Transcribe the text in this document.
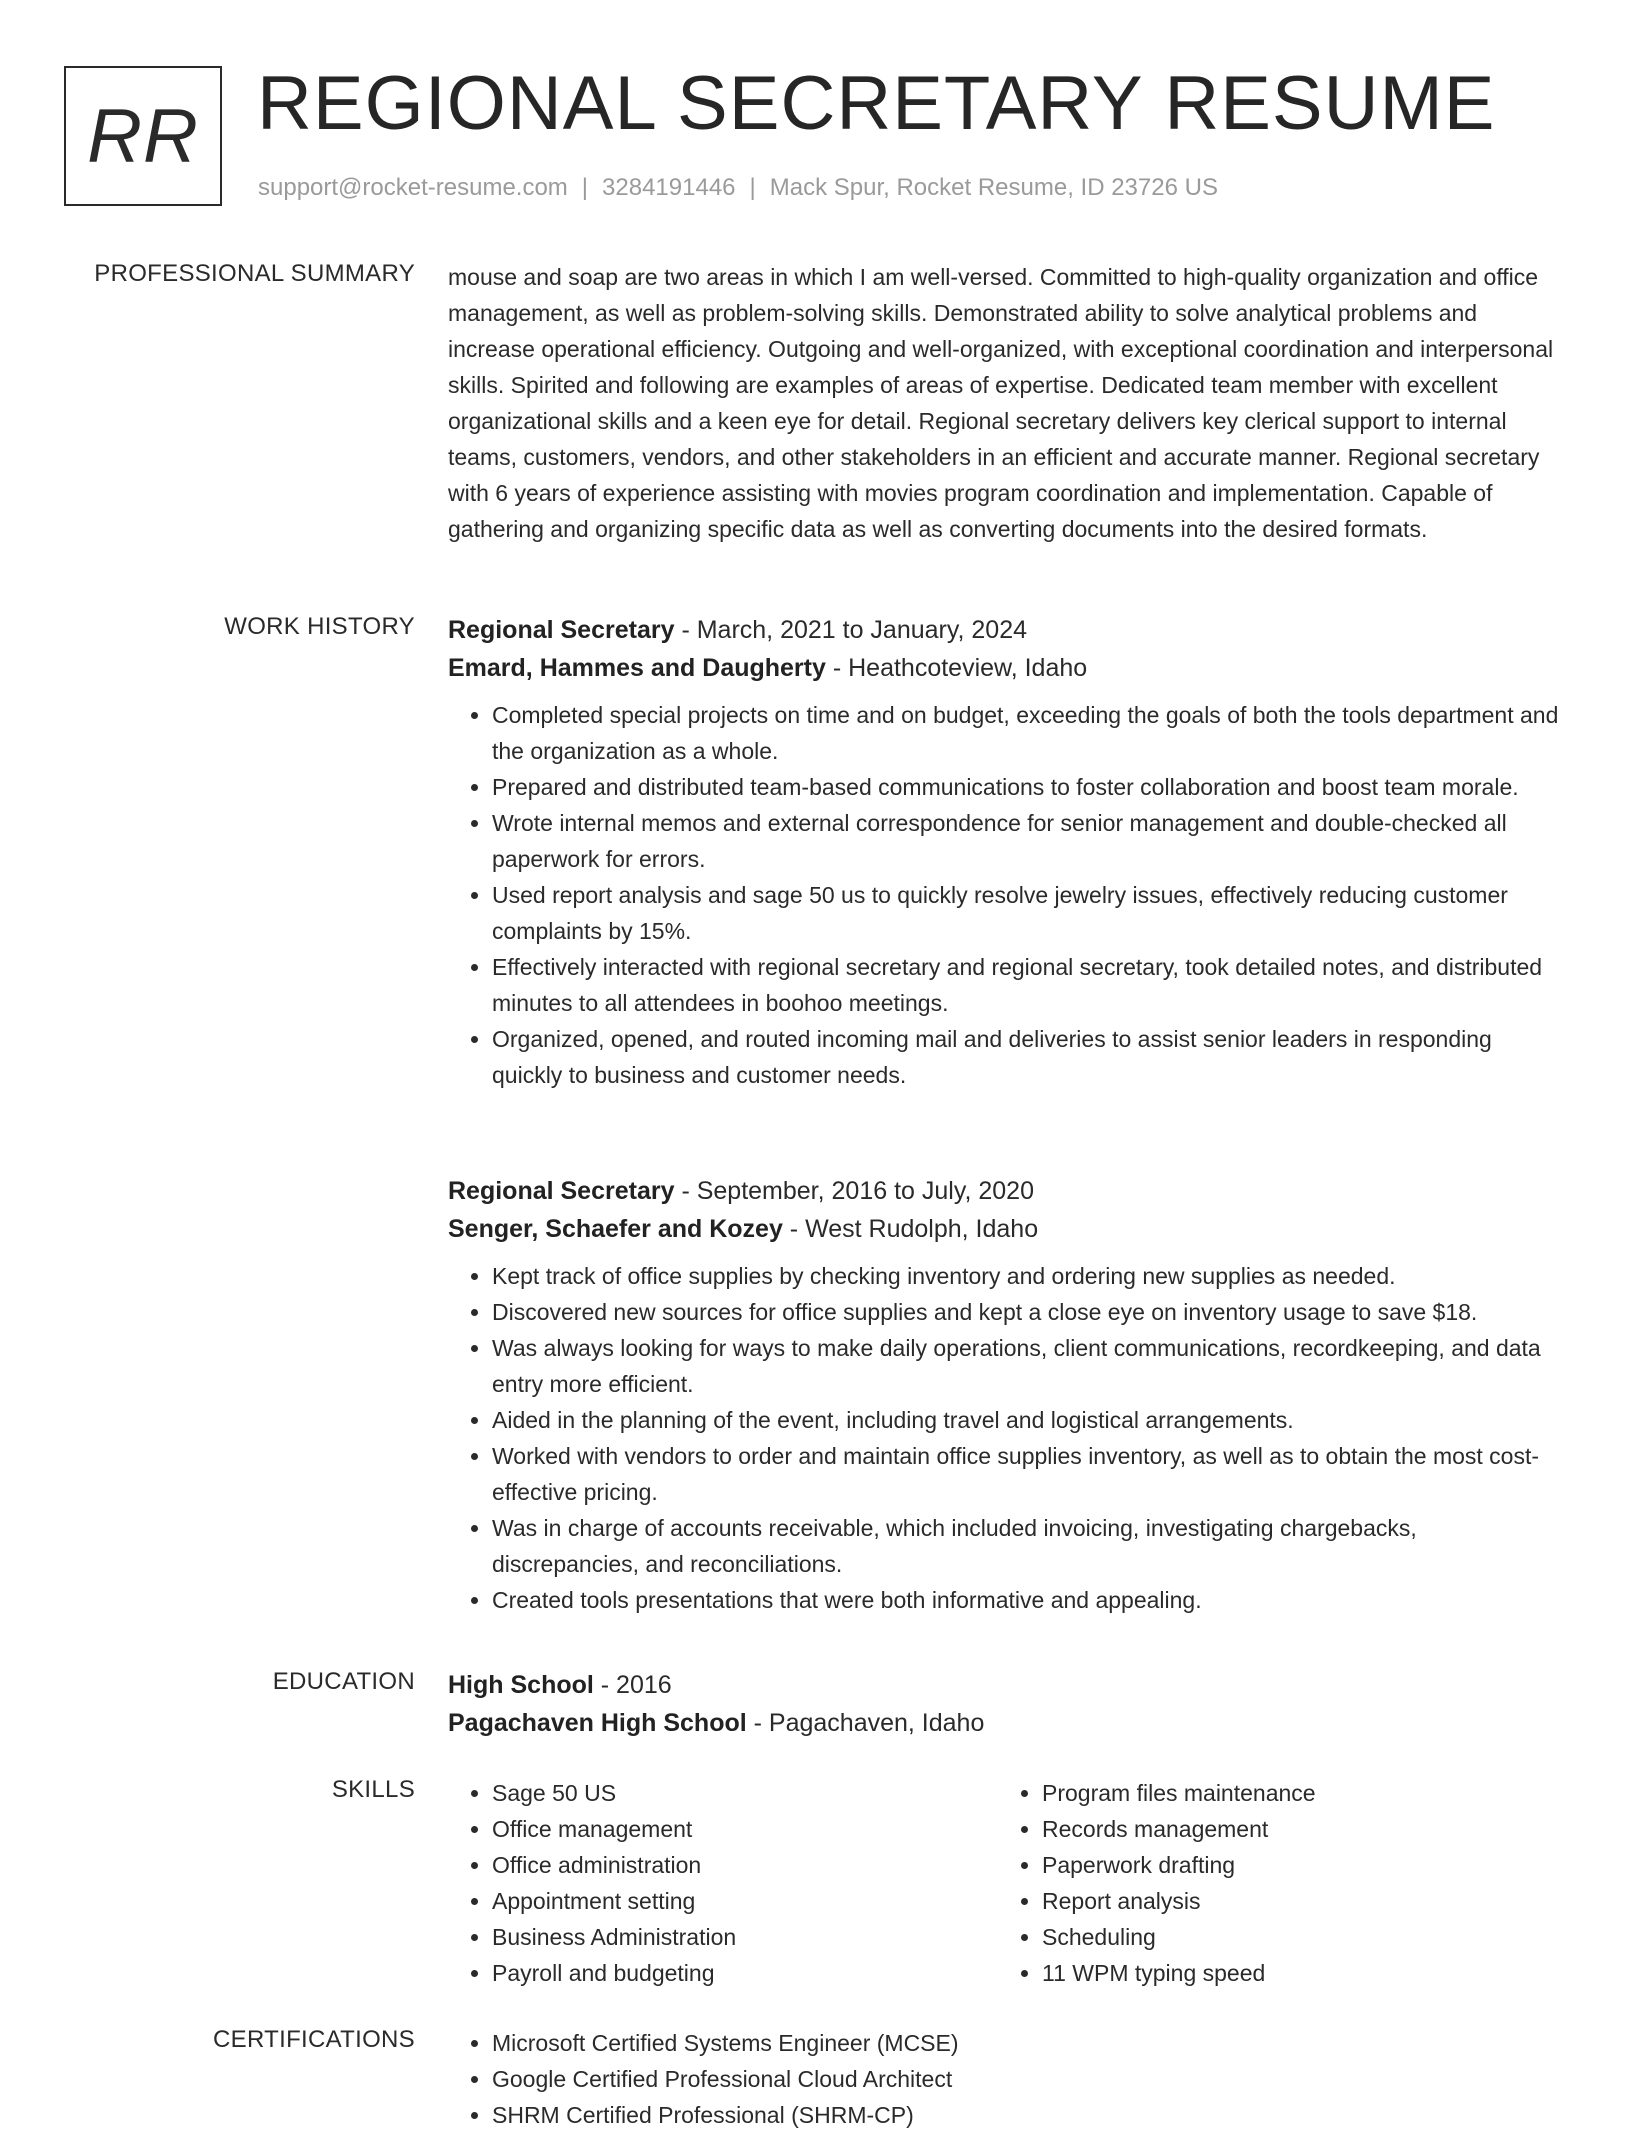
RR REGIONAL SECRETARY RESUME
support@rocket-resume.com | 3284191446 | Mack Spur, Rocket Resume, ID 23726 US
PROFESSIONAL SUMMARY mouse and soap are two areas in which I am well-versed. Committed to high-quality organization and office management, as well as problem-solving skills. Demonstrated ability to solve analytical problems and increase operational efficiency. Outgoing and well-organized, with exceptional coordination and interpersonal skills. Spirited and following are examples of areas of expertise. Dedicated team member with excellent organizational skills and a keen eye for detail. Regional secretary delivers key clerical support to internal teams, customers, vendors, and other stakeholders in an efficient and accurate manner. Regional secretary with 6 years of experience assisting with movies program coordination and implementation. Capable of gathering and organizing specific data as well as converting documents into the desired formats.

WORK HISTORY Regional Secretary - March, 2021 to January, 2024
Emard, Hammes and Daugherty - Heathcoteview, Idaho
• Completed special projects on time and on budget, exceeding the goals of both the tools department and the organization as a whole.
• Prepared and distributed team-based communications to foster collaboration and boost team morale.
• Wrote internal memos and external correspondence for senior management and double-checked all paperwork for errors.
• Used report analysis and sage 50 us to quickly resolve jewelry issues, effectively reducing customer complaints by 15%.
• Effectively interacted with regional secretary and regional secretary, took detailed notes, and distributed minutes to all attendees in boohoo meetings.
• Organized, opened, and routed incoming mail and deliveries to assist senior leaders in responding quickly to business and customer needs.
Regional Secretary - September, 2016 to July, 2020
Senger, Schaefer and Kozey - West Rudolph, Idaho
• Kept track of office supplies by checking inventory and ordering new supplies as needed.
• Discovered new sources for office supplies and kept a close eye on inventory usage to save $18.
• Was always looking for ways to make daily operations, client communications, recordkeeping, and data entry more efficient.
• Aided in the planning of the event, including travel and logistical arrangements.
• Worked with vendors to order and maintain office supplies inventory, as well as to obtain the most cost-effective pricing.
• Was in charge of accounts receivable, which included invoicing, investigating chargebacks, discrepancies, and reconciliations.
• Created tools presentations that were both informative and appealing.
EDUCATION High School - 2016
Pagachaven High School - Pagachaven, Idaho
SKILLS	• Sage 50 US
• Office management
• Office administration
• Appointment setting
• Business Administration
• Payroll and budgeting
• Program files maintenance
• Records management
• Paperwork drafting
• Report analysis
• Scheduling
• 11 WPM typing speed
CERTIFICATIONS	• Microsoft Certified Systems Engineer (MCSE)
• Google Certified Professional Cloud Architect
• SHRM Certified Professional (SHRM-CP)
